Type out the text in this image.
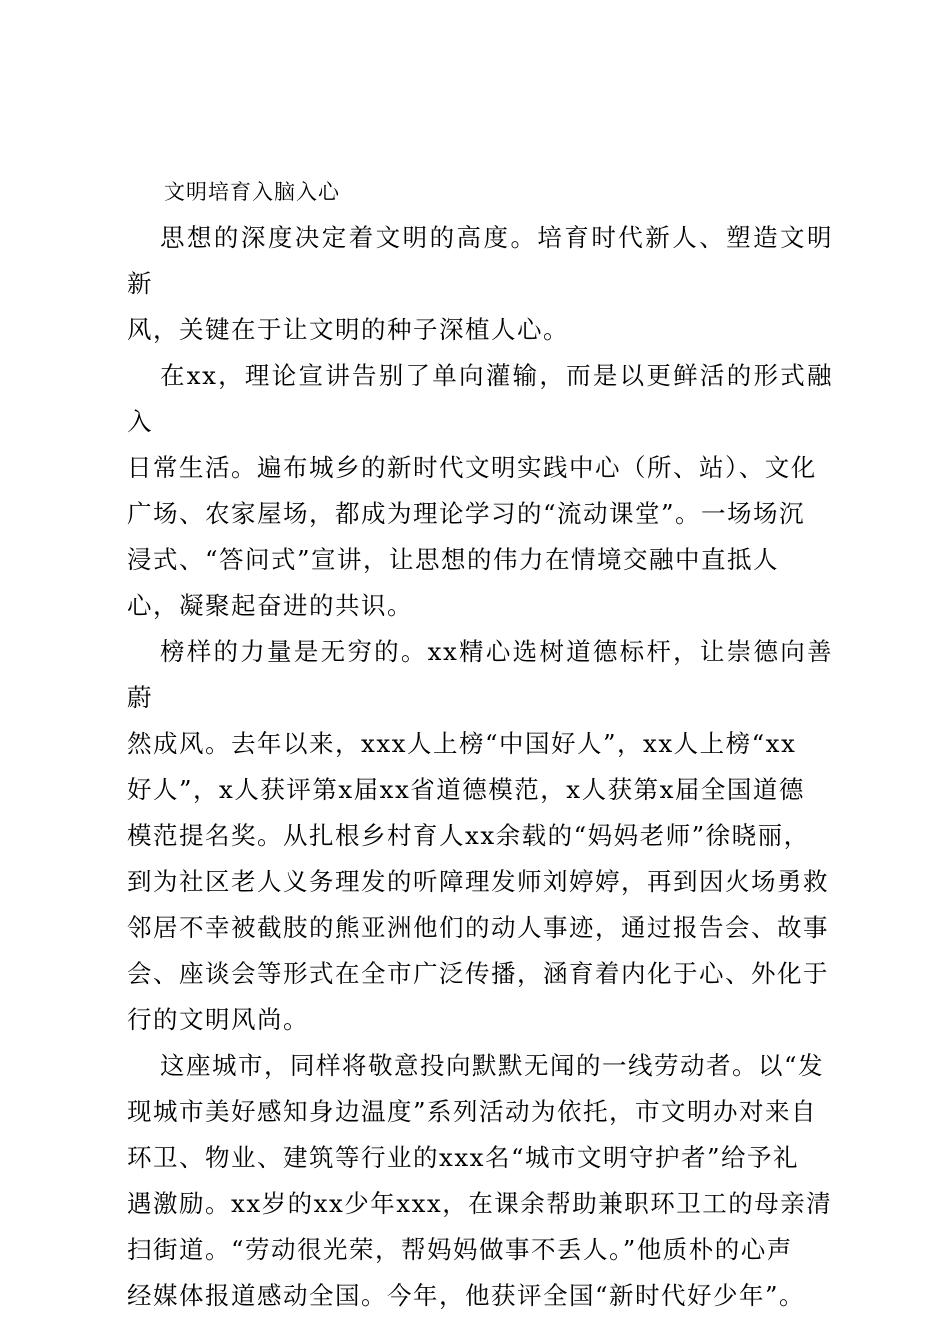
文明培育入脑入心

思想的深度决定着文明的高度。培育时代新人、塑造文明新
风，关键在于让文明的种子深植人心。

在xx，理论宣讲告别了单向灌输，而是以更鲜活的形式融入
日常生活。遍布城乡的新时代文明实践中心（所、站）、文化
广场、农家屋场，都成为理论学习的“流动课堂”。一场场沉
浸式、“答问式”宣讲，让思想的伟力在情境交融中直抵人
心，凝聚起奋进的共识。

榜样的力量是无穷的。xx精心选树道德标杆，让崇德向善蔚
然成风。去年以来，xxx人上榜“中国好人”，xx人上榜“xx
好人”，x人获评第x届xx省道德模范，x人获第x届全国道德
模范提名奖。从扎根乡村育人xx余载的“妈妈老师”徐晓丽，
到为社区老人义务理发的听障理发师刘婷婷，再到因火场勇救
邻居不幸被截肢的熊亚洲他们的动人事迹，通过报告会、故事
会、座谈会等形式在全市广泛传播，涵育着内化于心、外化于
行的文明风尚。

这座城市，同样将敬意投向默默无闻的一线劳动者。以“发
现城市美好感知身边温度”系列活动为依托，市文明办对来自
环卫、物业、建筑等行业的xxx名“城市文明守护者”给予礼
遇激励。xx岁的xx少年xxx，在课余帮助兼职环卫工的母亲清
扫街道。“劳动很光荣，帮妈妈做事不丢人。”他质朴的心声
经媒体报道感动全国。今年，他获评全国“新时代好少年”。
